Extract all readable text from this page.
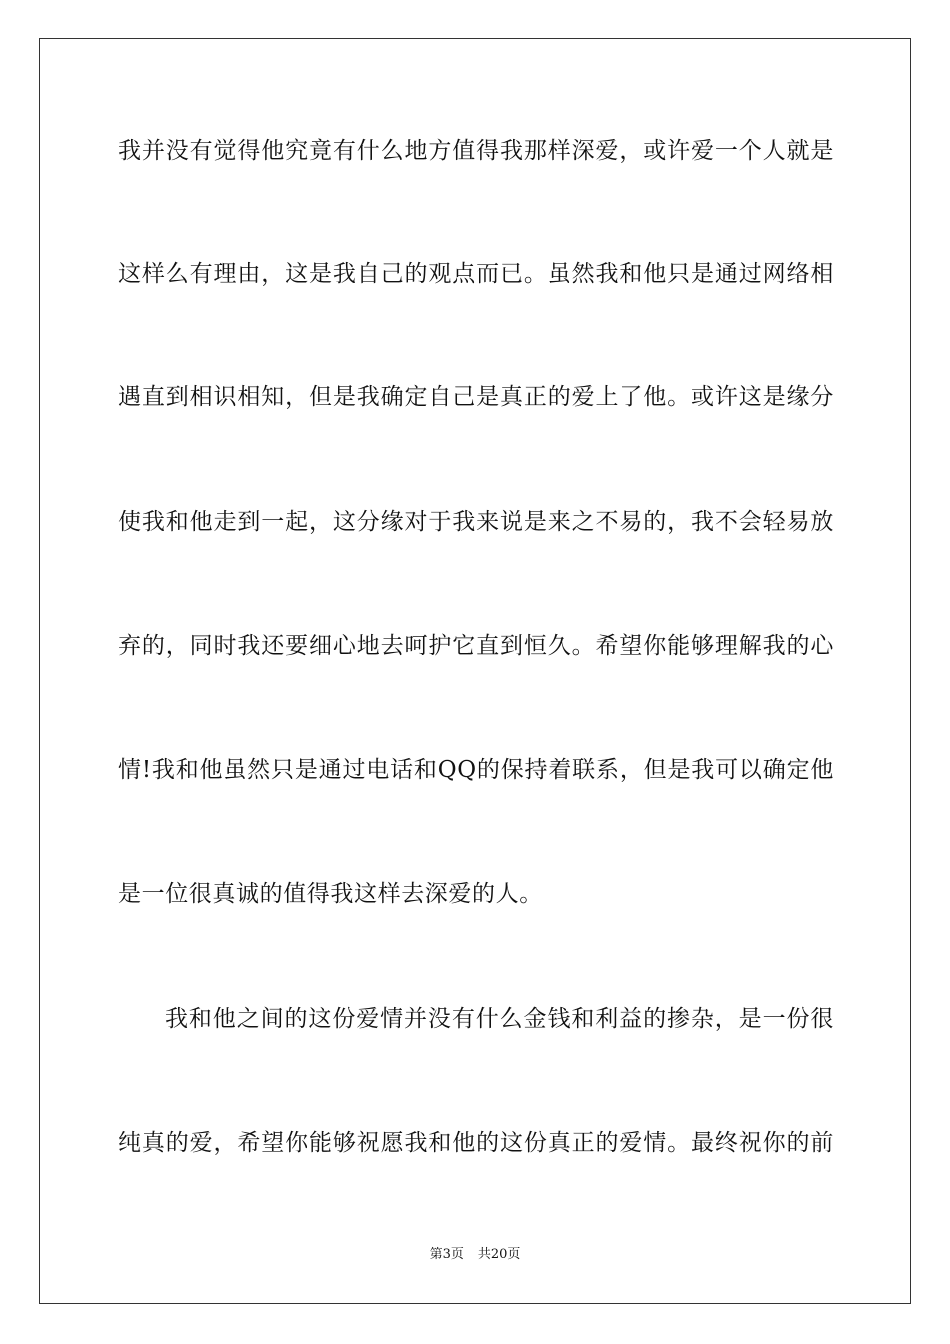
我并没有觉得他究竟有什么地方值得我那样深爱，或许爱一个人就是
这样么有理由，这是我自己的观点而已。虽然我和他只是通过网络相
遇直到相识相知，但是我确定自己是真正的爱上了他。或许这是缘分
使我和他走到一起，这分缘对于我来说是来之不易的，我不会轻易放
弃的，同时我还要细心地去呵护它直到恒久。希望你能够理解我的心
情!我和他虽然只是通过电话和QQ的保持着联系，但是我可以确定他
是一位很真诚的值得我这样去深爱的人。
我和他之间的这份爱情并没有什么金钱和利益的掺杂，是一份很
纯真的爱，希望你能够祝愿我和他的这份真正的爱情。最终祝你的前
第3页 共20页
